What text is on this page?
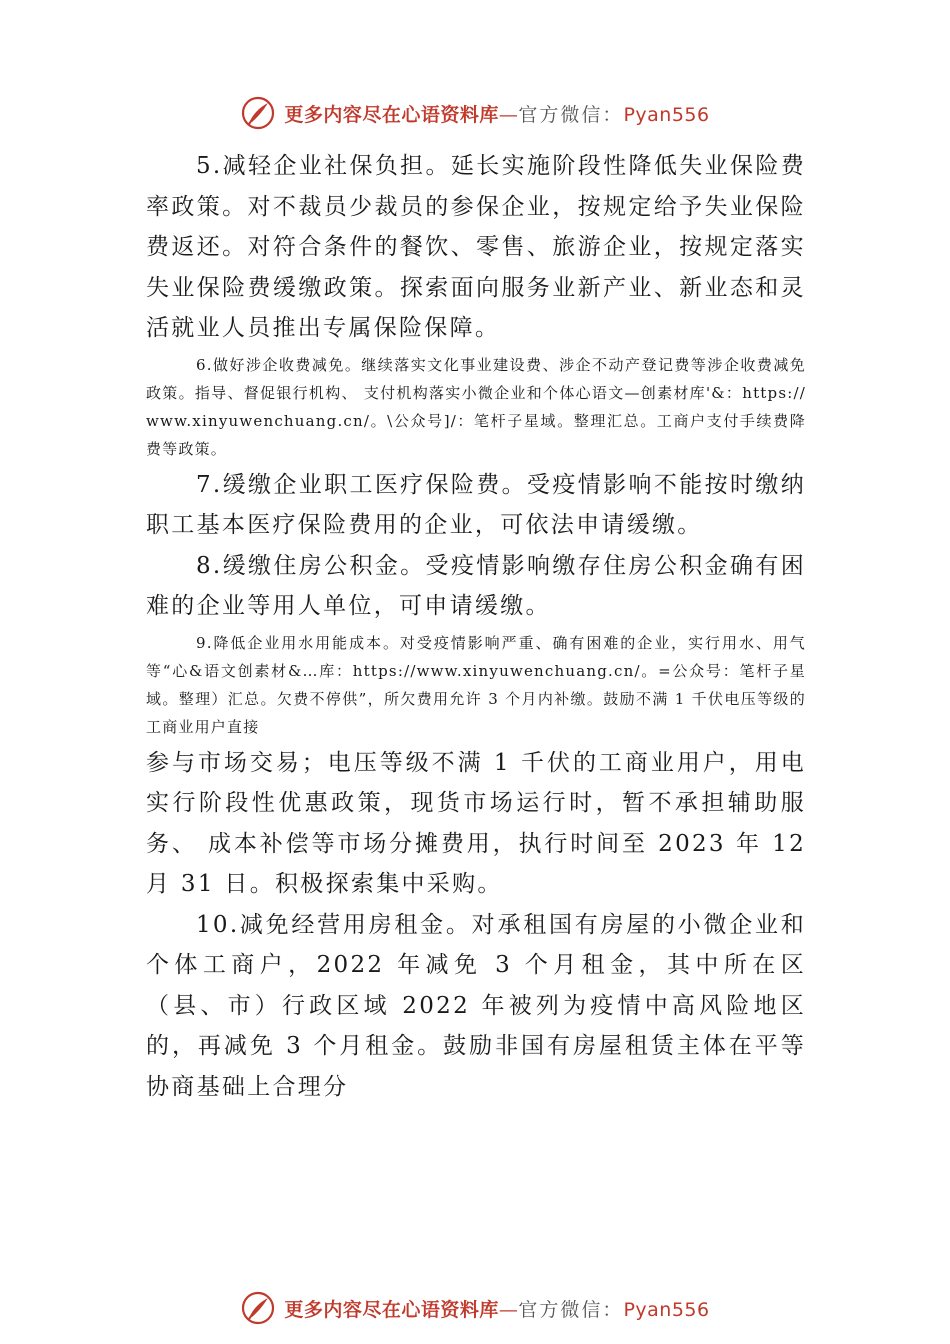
更多内容尽在心语资料库—官方微信：Pyan556

5.减轻企业社保负担。延长实施阶段性降低失业保险费率政策。对不裁员少裁员的参保企业，按规定给予失业保险费返还。对符合条件的餐饮、零售、旅游企业，按规定落实失业保险费缓缴政策。探索面向服务业新产业、新业态和灵活就业人员推出专属保险保障。

6.做好涉企收费减免。继续落实文化事业建设费、涉企不动产登记费等涉企收费减免政策。指导、督促银行机构、 支付机构落实小微企业和个体心语文—创素材库'&：https://www.xinyuwenchuang.cn/。\公众号]/：笔杆子星域。整理汇总。工商户支付手续费降费等政策。

7.缓缴企业职工医疗保险费。受疫情影响不能按时缴纳职工基本医疗保险费用的企业，可依法申请缓缴。

8.缓缴住房公积金。受疫情影响缴存住房公积金确有困难的企业等用人单位，可申请缓缴。

9.降低企业用水用能成本。对受疫情影响严重、确有困难的企业，实行用水、用气等“心&语文创素材&…库：https://www.xinyuwenchuang.cn/。=公众号：笔杆子星域。整理）汇总。欠费不停供”，所欠费用允许 3 个月内补缴。鼓励不满 1 千伏电压等级的工商业用户直接

参与市场交易；电压等级不满 1 千伏的工商业用户，用电实行阶段性优惠政策，现货市场运行时，暂不承担辅助服务、 成本补偿等市场分摊费用，执行时间至 2023 年 12 月 31 日。积极探索集中采购。

10.减免经营用房租金。对承租国有房屋的小微企业和个体工商户，2022 年减免 3 个月租金，其中所在区（县、市）行政区域 2022 年被列为疫情中高风险地区的，再减免 3 个月租金。鼓励非国有房屋租赁主体在平等协商基础上合理分

更多内容尽在心语资料库—官方微信：Pyan556
